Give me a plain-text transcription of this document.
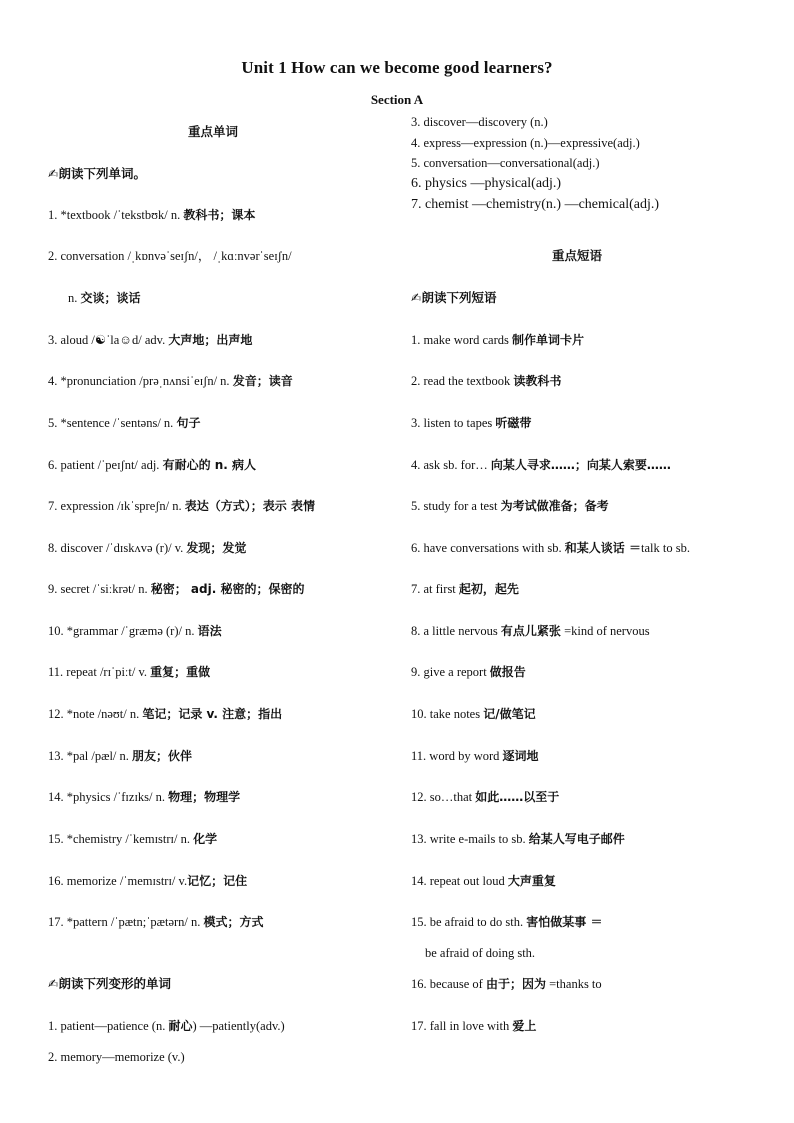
Unit 1 How can we become good learners?
Section A
重点单词
✍朗读下列单词。
1. *textbook /ˈtekstbʊk/ n. 教科书；课本
2. conversation /ˌkɒnvəˈseɪʃn/， /ˌkɑːnvərˈseɪʃn/
n. 交谈；谈话
3. aloud /☯ˈla☺d/ adv. 大声地；出声地
4. *pronunciation /prəˌnʌnsiˈeɪʃn/ n. 发音；读音
5. *sentence /ˈsentəns/ n. 句子
6. patient /ˈpeɪʃnt/ adj. 有耐心的 n. 病人
7. expression /ɪkˈspreʃn/ n. 表达（方式）；表示 表情
8. discover /ˈdɪskʌvə (r)/ v. 发现；发觉
9. secret /ˈsiːkrət/ n. 秘密； adj. 秘密的；保密的
10. *grammar /ˈgræmə (r)/ n. 语法
11. repeat /rɪˈpiːt/ v. 重复；重做
12. *note /nəʊt/ n. 笔记；记录 v. 注意；指出
13. *pal /pæl/ n. 朋友；伙伴
14. *physics /ˈfɪzɪks/ n. 物理；物理学
15. *chemistry /ˈkemɪstrɪ/ n. 化学
16. memorize /ˈmemɪstrɪ/ v.记忆；记住
17. *pattern /ˈpætn;ˈpætərn/ n. 模式；方式
✍朗读下列变形的单词
1. patient—patience (n. 耐心) —patiently(adv.)
2. memory—memorize (v.)
3. discover—discovery (n.)
4. express—expression (n.)—expressive(adj.)
5. conversation—conversational(adj.)
6. physics —physical(adj.)
7. chemist —chemistry(n.) —chemical(adj.)
重点短语
✍朗读下列短语
1. make word cards 制作单词卡片
2. read the textbook 读教科书
3. listen to tapes 听磁带
4. ask sb. for… 向某人寻求……；向某人索要……
5. study for a test 为考试做准备；备考
6. have conversations with sb. 和某人谈话 ＝talk to sb.
7. at first 起初，起先
8. a little nervous 有点儿紧张 =kind of nervous
9. give a report 做报告
10. take notes 记/做笔记
11. word by word 逐词地
12. so…that 如此……以至于
13. write e-mails to sb. 给某人写电子邮件
14. repeat out loud 大声重复
15. be afraid to do sth. 害怕做某事 ＝
be afraid of doing sth.
16. because of 由于；因为 =thanks to
17. fall in love with 爱上
